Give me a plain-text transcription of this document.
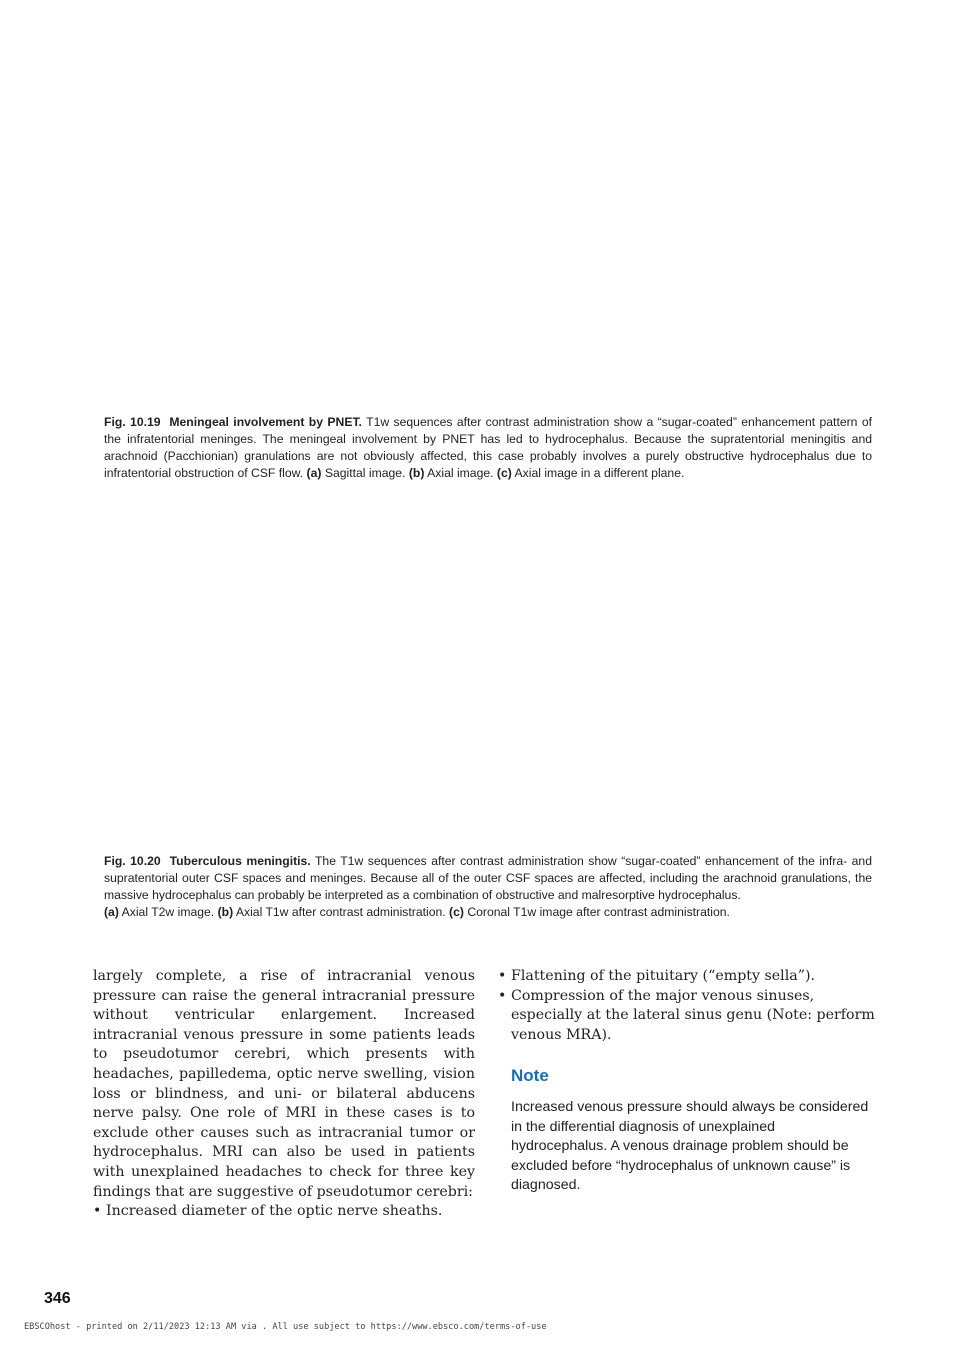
Fig. 10.19 Meningeal involvement by PNET. T1w sequences after contrast administration show a “sugar-coated” enhancement pattern of the infratentorial meninges. The meningeal involvement by PNET has led to hydrocephalus. Because the supratentorial meningitis and arachnoid (Pacchionian) granulations are not obviously affected, this case probably involves a purely obstructive hydrocephalus due to infratentorial obstruction of CSF flow. (a) Sagittal image. (b) Axial image. (c) Axial image in a different plane.
Fig. 10.20 Tuberculous meningitis. The T1w sequences after contrast administration show “sugar-coated” enhancement of the infra- and supratentorial outer CSF spaces and meninges. Because all of the outer CSF spaces are affected, including the arachnoid granulations, the massive hydrocephalus can probably be interpreted as a combination of obstructive and malresorptive hydrocephalus.
(a) Axial T2w image. (b) Axial T1w after contrast administration. (c) Coronal T1w image after contrast administration.

largely complete, a rise of intracranial venous pressure can raise the general intracranial pressure without ventricular enlargement. Increased intracranial venous pressure in some patients leads to pseudotumor cerebri, which presents with headaches, papilledema, optic nerve swelling, vision loss or blindness, and uni- or bilateral abducens nerve palsy. One role of MRI in these cases is to exclude other causes such as intracranial tumor or hydrocephalus. MRI can also be used in patients with unexplained headaches to check for three key findings that are suggestive of pseudotumor cerebri:

• Increased diameter of the optic nerve sheaths.
• Flattening of the pituitary (“empty sella”).
• Compression of the major venous sinuses, especially at the lateral sinus genu (Note: perform venous MRA).
Note

Increased venous pressure should always be considered in the differential diagnosis of unexplained hydrocephalus. A venous drainage problem should be excluded before “hydrocephalus of unknown cause” is diagnosed.

346
EBSCOhost - printed on 2/11/2023 12:13 AM via . All use subject to https://www.ebsco.com/terms-of-use
